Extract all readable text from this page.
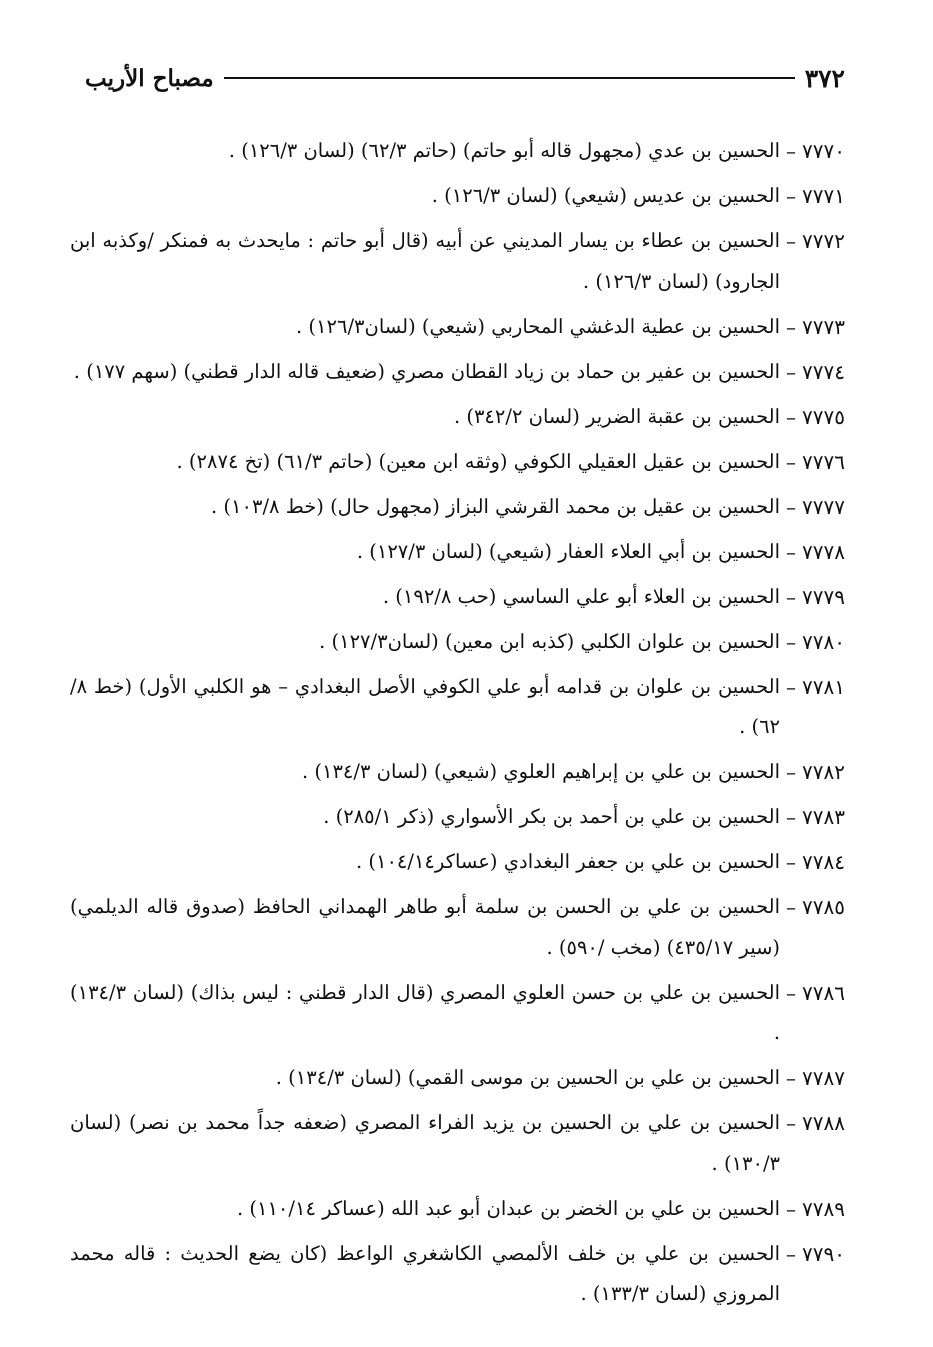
٣٧٢
مصباح الأريب
٧٧٧٠
–
الحسين بن عدي (مجهول قاله أبو حاتم) (حاتم ٦٢/٣) (لسان ١٢٦/٣) .
٧٧٧١
–
الحسين بن عديس (شيعي) (لسان ١٢٦/٣) .
٧٧٧٢
–
الحسين بن عطاء بن يسار المديني عن أبيه (قال أبو حاتم : مايحدث به فمنكر /وكذبه ابن الجارود) (لسان ١٢٦/٣) .
٧٧٧٣
–
الحسين بن عطية الدغشي المحاربي (شيعي) (لسان١٢٦/٣) .
٧٧٧٤
–
الحسين بن عفير بن حماد بن زياد القطان مصري (ضعيف قاله الدار قطني) (سهم ١٧٧) .
٧٧٧٥
–
الحسين بن عقبة الضرير (لسان ٣٤٢/٢) .
٧٧٧٦
–
الحسين بن عقيل العقيلي الكوفي (وثقه ابن معين) (حاتم ٦١/٣) (تخ ٢٨٧٤) .
٧٧٧٧
–
الحسين بن عقيل بن محمد القرشي البزاز (مجهول حال) (خط ١٠٣/٨) .
٧٧٧٨
–
الحسين بن أبي العلاء العفار (شيعي) (لسان ١٢٧/٣) .
٧٧٧٩
–
الحسين بن العلاء أبو علي الساسي (حب ١٩٢/٨) .
٧٧٨٠
–
الحسين بن علوان الكلبي (كذبه ابن معين) (لسان١٢٧/٣) .
٧٧٨١
–
الحسين بن علوان بن قدامه أبو علي الكوفي الأصل البغدادي – هو الكلبي الأول) (خط ٨/ ٦٢) .
٧٧٨٢
–
الحسين بن علي بن إبراهيم العلوي (شيعي) (لسان ١٣٤/٣) .
٧٧٨٣
–
الحسين بن علي بن أحمد بن بكر الأسواري (ذكر ٢٨٥/١) .
٧٧٨٤
–
الحسين بن علي بن جعفر البغدادي (عساكر١٠٤/١٤) .
٧٧٨٥
–
الحسين بن علي بن الحسن بن سلمة أبو طاهر الهمداني الحافظ (صدوق قاله الديلمي) (سير ٤٣٥/١٧) (مخب /٥٩٠) .
٧٧٨٦
–
الحسين بن علي بن حسن العلوي المصري (قال الدار قطني : ليس بذاك) (لسان ١٣٤/٣) .
٧٧٨٧
–
الحسين بن علي بن الحسين بن موسى القمي) (لسان ١٣٤/٣) .
٧٧٨٨
–
الحسين بن علي بن الحسين بن يزيد الفراء المصري (ضعفه جداً محمد بن نصر) (لسان ١٣٠/٣) .
٧٧٨٩
–
الحسين بن علي بن الخضر بن عبدان أبو عبد الله (عساكر ١١٠/١٤) .
٧٧٩٠
–
الحسين بن علي بن خلف الألمصي الكاشغري الواعظ (كان يضع الحديث : قاله محمد المروزي (لسان ١٣٣/٣) .
